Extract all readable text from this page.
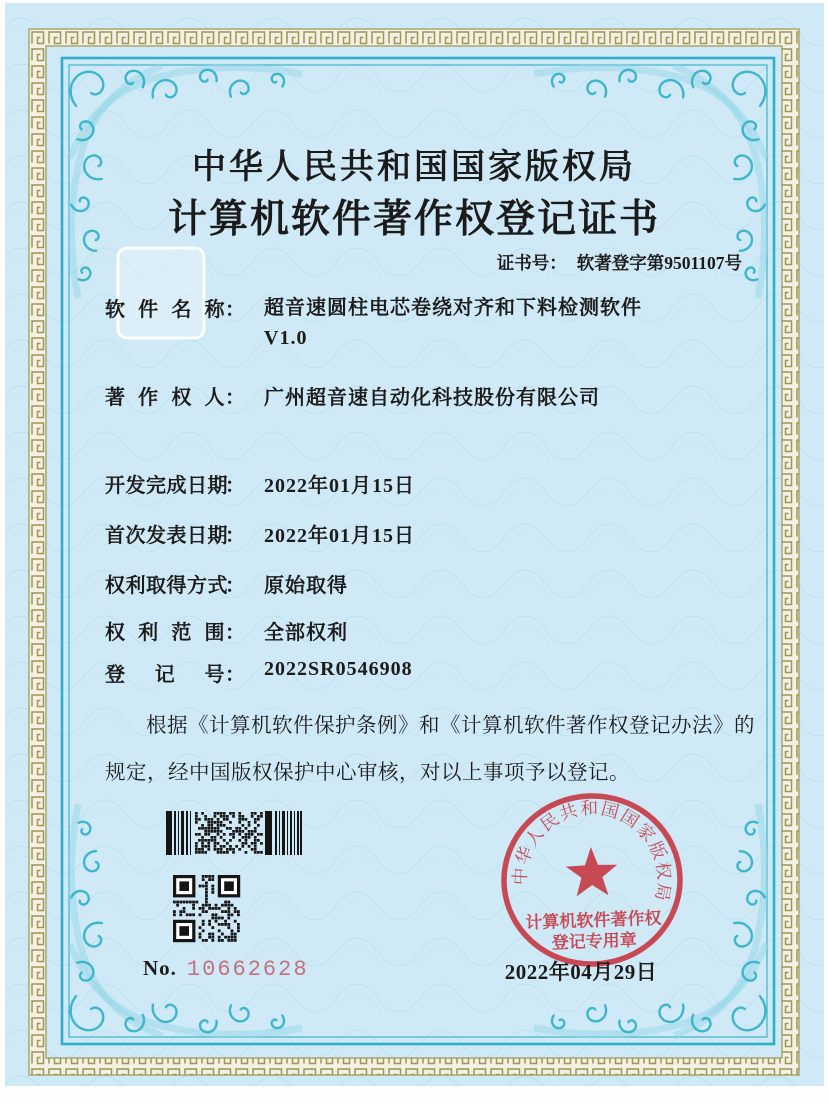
中华人民共和国国家版权局
计算机软件著作权登记证书
证书号： 软著登字第9501107号
软件名称： 超音速圆柱电芯卷绕对齐和下料检测软件
V1.0
著作权人： 广州超音速自动化科技股份有限公司
开发完成日期： 2022年01月15日
首次发表日期： 2022年01月15日
权利取得方式： 原始取得
权利范围： 全部权利
登记号： 2022SR0546908
根据《计算机软件保护条例》和《计算机软件著作权登记办法》的
规定，经中国版权保护中心审核，对以上事项予以登记。
No. 10662628
中华人民共和国国家版权局
计算机软件著作权
登记专用章
2022年04月29日
